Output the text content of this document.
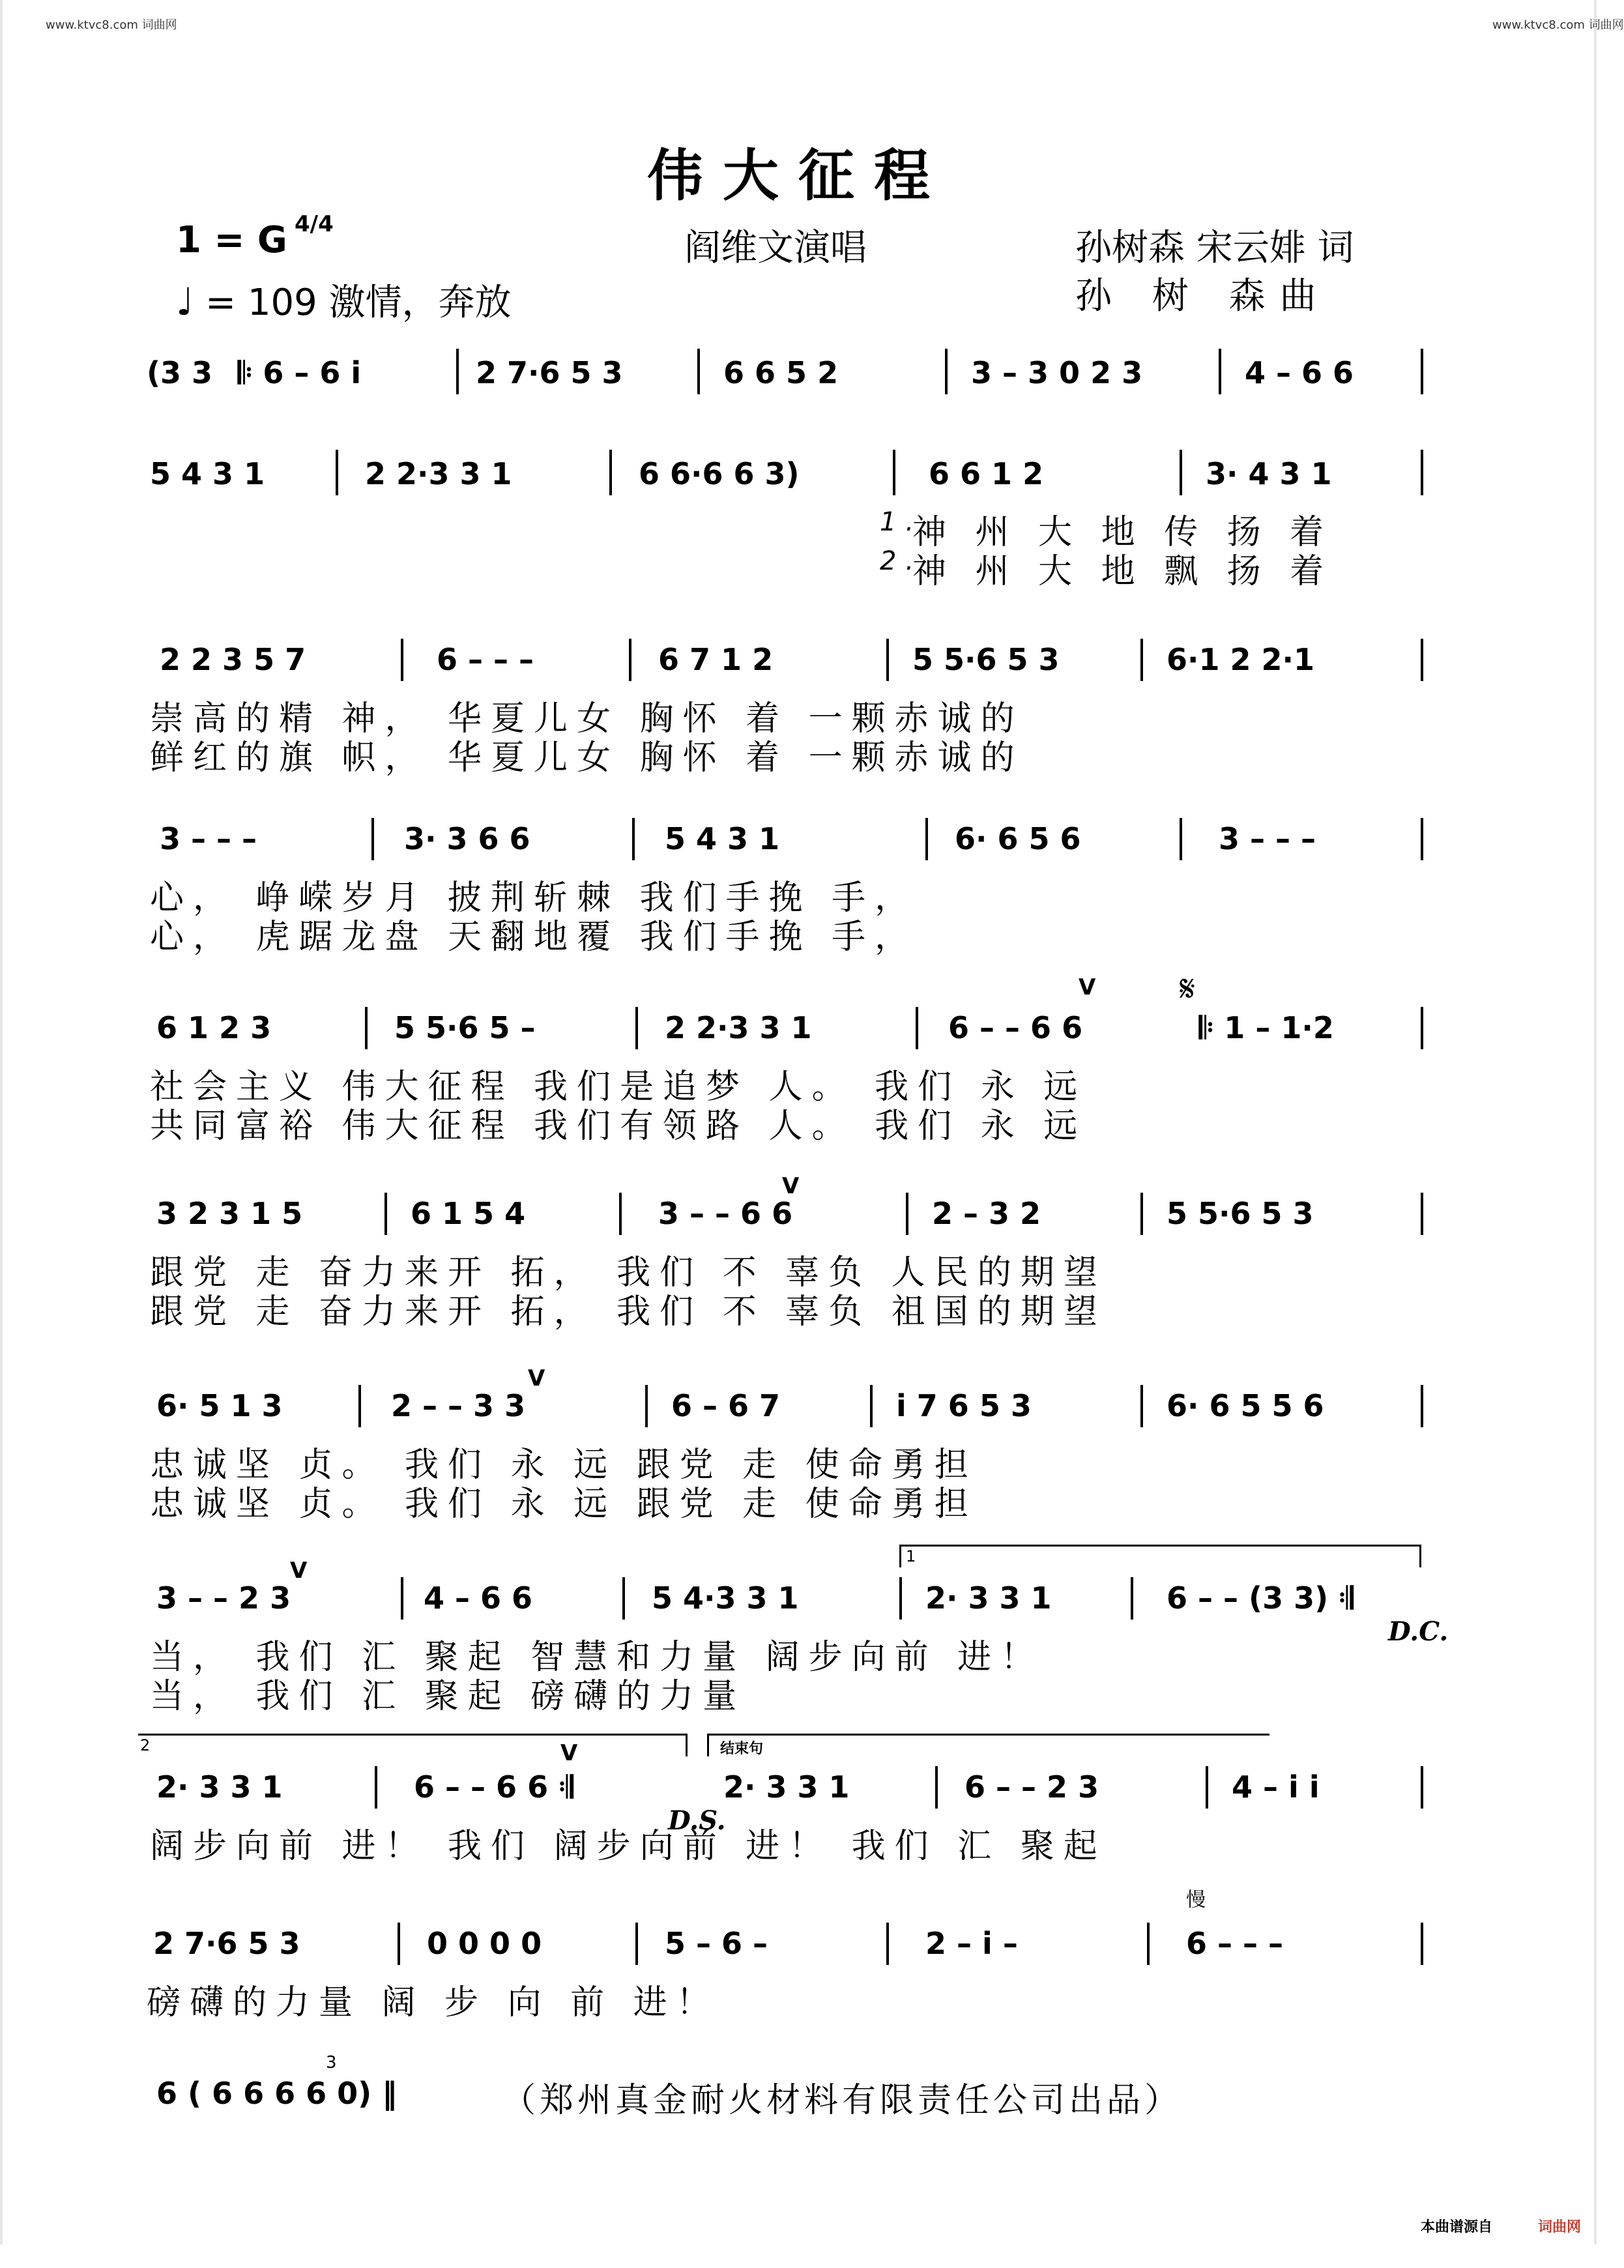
www.ktvc8.com 词曲网	www.ktvc8.com 词曲网
伟大征程
1 = G 4/4
♩ = 109 激情，奔放
阎维文演唱	孙树森 宋云婔 词
孙 树 森曲
(3 3 𝄆 6 – 6 i	2 7·6 5 3	6 6 5 2	3 – 3 0 2 3	4 – 6 6
5 4 3 1	2 2·3 3 1	6 6·6 6 3)	6 6 1 2	3· 4 3 1
1.
神 州 大 地 传 扬 着
2.
神 州 大 地 飘 扬 着
2 2 3 5 7	6 – – –	6 7 1 2	5 5·6 5 3	6·1 2 2·1
崇高的精 神， 华夏儿女 胸怀 着 一颗赤诚的
鲜红的旗 帜， 华夏儿女 胸怀 着 一颗赤诚的
3 – – –	3· 3 6 6	5 4 3 1	6· 6 5 6	3 – – –
心， 峥嵘岁月 披荆斩棘 我们手挽 手，
心， 虎踞龙盘 天翻地覆 我们手挽 手，
V 𝄋
6 1 2 3	5 5·6 5 –	2 2·3 3 1	6 – – 6 6	𝄆 1 – 1·2
社会主义 伟大征程 我们是追梦 人。 我们 永 远
共同富裕 伟大征程 我们有领路 人。 我们 永 远
V
3 2 3 1 5	6 1 5 4	3 – – 6 6	2 – 3 2	5 5·6 5 3
跟党 走 奋力来开 拓， 我们 不 辜负 人民的期望
跟党 走 奋力来开 拓， 我们 不 辜负 祖国的期望
V
6· 5 1 3	2 – – 3 3	6 – 6 7	i 7 6 5 3	6· 6 5 5 6
忠诚坚 贞。 我们 永 远 跟党 走 使命勇担
忠诚坚 贞。 我们 永 远 跟党 走 使命勇担
1
V
3 – – 2 3	4 – 6 6	5 4·3 3 1	2· 3 3 1	6 – – (3 3) 𝄇
D.C.
当， 我们 汇 聚起 智慧和力量 阔步向前 进！
当， 我们 汇 聚起 磅礴的力量
2	结束句
V
2· 3 3 1	6 – – 6 6 𝄇	2· 3 3 1	6 – – 2 3	4 – i i
D.S.
阔步向前 进！ 我们 阔步向前 进！ 我们 汇 聚起
慢
2 7·6 5 3	0 0 0 0	5 – 6 –	2 – i –	6 – – –
磅礴的力量 阔 步 向 前 进！
3
6 ( 6 6 6 6 0) ‖	（郑州真金耐火材料有限责任公司出品）
本曲谱源自	词曲网
